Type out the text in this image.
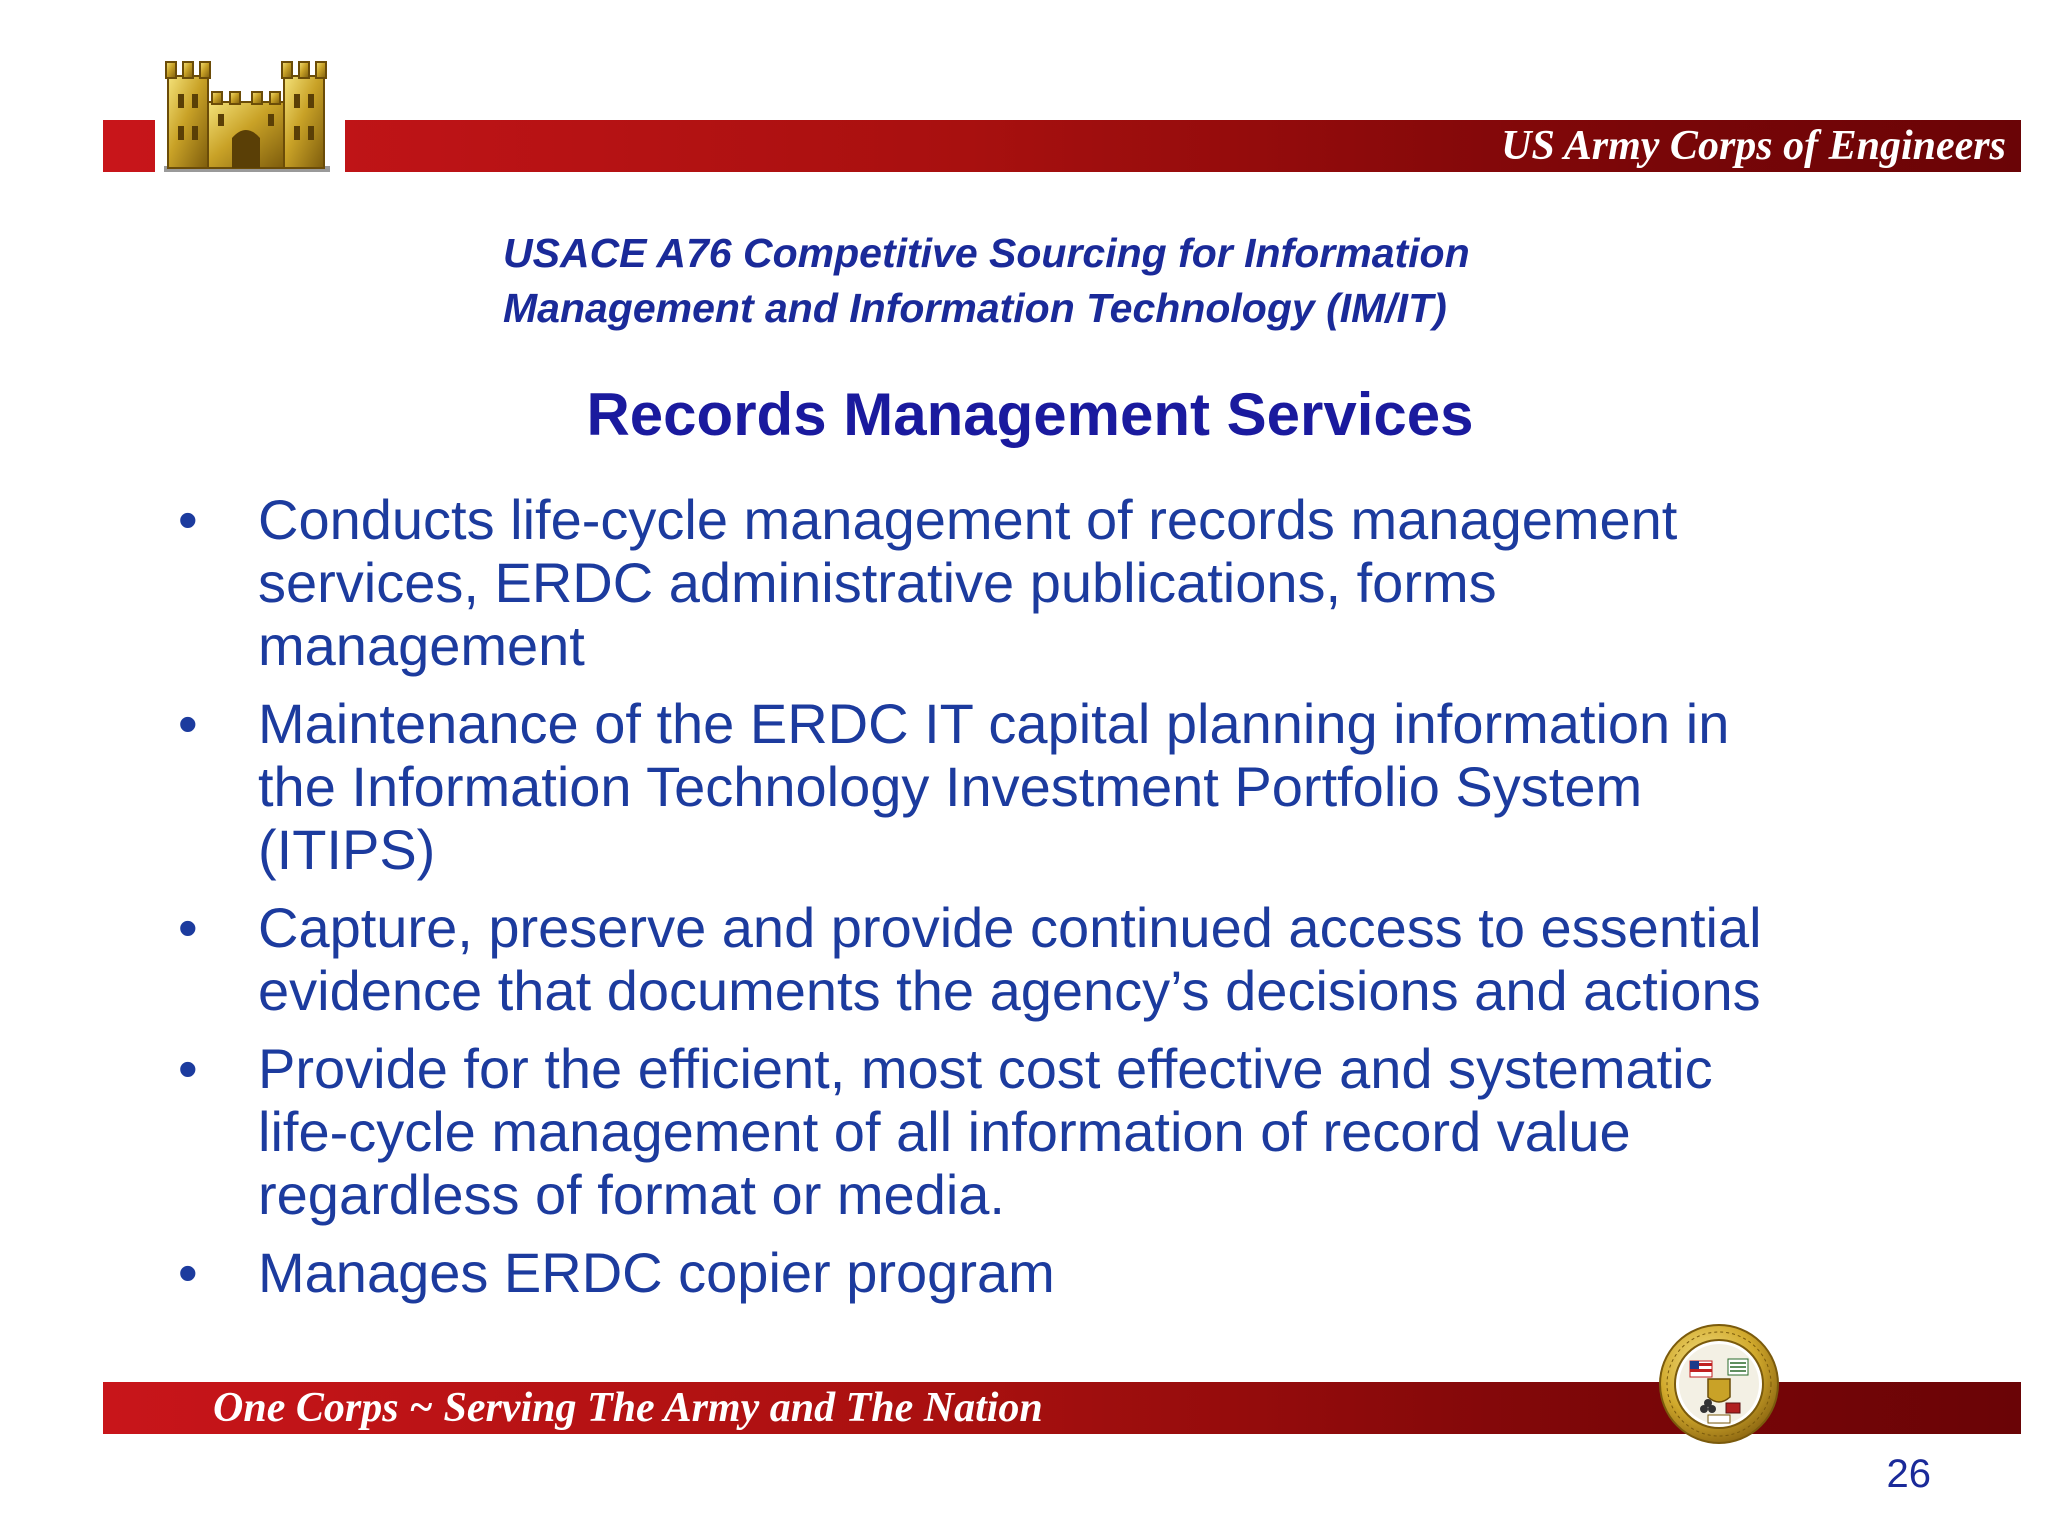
US Army Corps of Engineers
USACE A76 Competitive Sourcing for Information
Management and Information Technology (IM/IT)
Records Management Services
• Conducts life-cycle management of records management
services, ERDC administrative publications, forms
management
• Maintenance of the ERDC IT capital planning information in
the Information Technology Investment Portfolio System
(ITIPS)
• Capture, preserve and provide continued access to essential
evidence that documents the agency’s decisions and actions
• Provide for the efficient, most cost effective and systematic
life-cycle management of all information of record value
regardless of format or media.
• Manages ERDC copier program
One Corps ~ Serving The Army and The Nation
26
